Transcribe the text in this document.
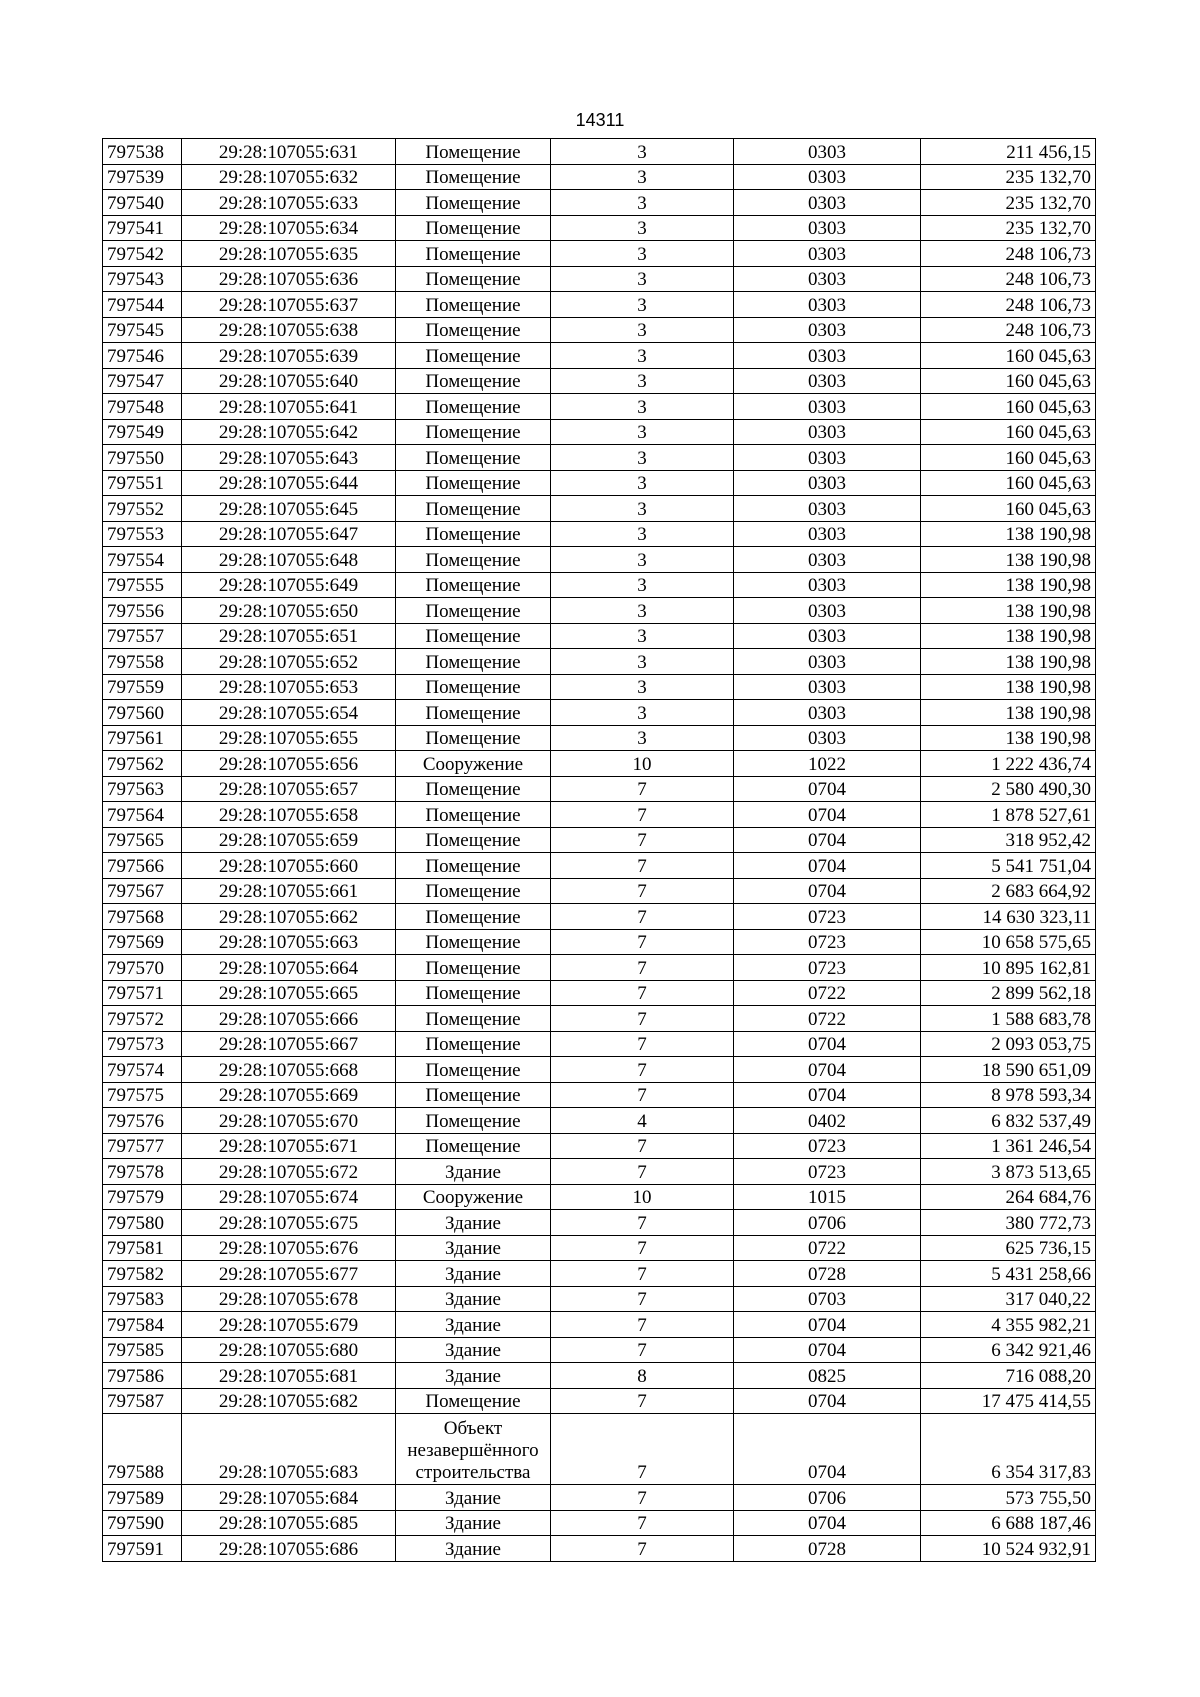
14311
797538	29:28:107055:631	Помещение	3	0303	211 456,15
797539	29:28:107055:632	Помещение	3	0303	235 132,70
797540	29:28:107055:633	Помещение	3	0303	235 132,70
797541	29:28:107055:634	Помещение	3	0303	235 132,70
797542	29:28:107055:635	Помещение	3	0303	248 106,73
797543	29:28:107055:636	Помещение	3	0303	248 106,73
797544	29:28:107055:637	Помещение	3	0303	248 106,73
797545	29:28:107055:638	Помещение	3	0303	248 106,73
797546	29:28:107055:639	Помещение	3	0303	160 045,63
797547	29:28:107055:640	Помещение	3	0303	160 045,63
797548	29:28:107055:641	Помещение	3	0303	160 045,63
797549	29:28:107055:642	Помещение	3	0303	160 045,63
797550	29:28:107055:643	Помещение	3	0303	160 045,63
797551	29:28:107055:644	Помещение	3	0303	160 045,63
797552	29:28:107055:645	Помещение	3	0303	160 045,63
797553	29:28:107055:647	Помещение	3	0303	138 190,98
797554	29:28:107055:648	Помещение	3	0303	138 190,98
797555	29:28:107055:649	Помещение	3	0303	138 190,98
797556	29:28:107055:650	Помещение	3	0303	138 190,98
797557	29:28:107055:651	Помещение	3	0303	138 190,98
797558	29:28:107055:652	Помещение	3	0303	138 190,98
797559	29:28:107055:653	Помещение	3	0303	138 190,98
797560	29:28:107055:654	Помещение	3	0303	138 190,98
797561	29:28:107055:655	Помещение	3	0303	138 190,98
797562	29:28:107055:656	Сооружение	10	1022	1 222 436,74
797563	29:28:107055:657	Помещение	7	0704	2 580 490,30
797564	29:28:107055:658	Помещение	7	0704	1 878 527,61
797565	29:28:107055:659	Помещение	7	0704	318 952,42
797566	29:28:107055:660	Помещение	7	0704	5 541 751,04
797567	29:28:107055:661	Помещение	7	0704	2 683 664,92
797568	29:28:107055:662	Помещение	7	0723	14 630 323,11
797569	29:28:107055:663	Помещение	7	0723	10 658 575,65
797570	29:28:107055:664	Помещение	7	0723	10 895 162,81
797571	29:28:107055:665	Помещение	7	0722	2 899 562,18
797572	29:28:107055:666	Помещение	7	0722	1 588 683,78
797573	29:28:107055:667	Помещение	7	0704	2 093 053,75
797574	29:28:107055:668	Помещение	7	0704	18 590 651,09
797575	29:28:107055:669	Помещение	7	0704	8 978 593,34
797576	29:28:107055:670	Помещение	4	0402	6 832 537,49
797577	29:28:107055:671	Помещение	7	0723	1 361 246,54
797578	29:28:107055:672	Здание	7	0723	3 873 513,65
797579	29:28:107055:674	Сооружение	10	1015	264 684,76
797580	29:28:107055:675	Здание	7	0706	380 772,73
797581	29:28:107055:676	Здание	7	0722	625 736,15
797582	29:28:107055:677	Здание	7	0728	5 431 258,66
797583	29:28:107055:678	Здание	7	0703	317 040,22
797584	29:28:107055:679	Здание	7	0704	4 355 982,21
797585	29:28:107055:680	Здание	7	0704	6 342 921,46
797586	29:28:107055:681	Здание	8	0825	716 088,20
797587	29:28:107055:682	Помещение	7	0704	17 475 414,55
797588	29:28:107055:683	Объект незавершённого строительства	7	0704	6 354 317,83
797589	29:28:107055:684	Здание	7	0706	573 755,50
797590	29:28:107055:685	Здание	7	0704	6 688 187,46
797591	29:28:107055:686	Здание	7	0728	10 524 932,91
